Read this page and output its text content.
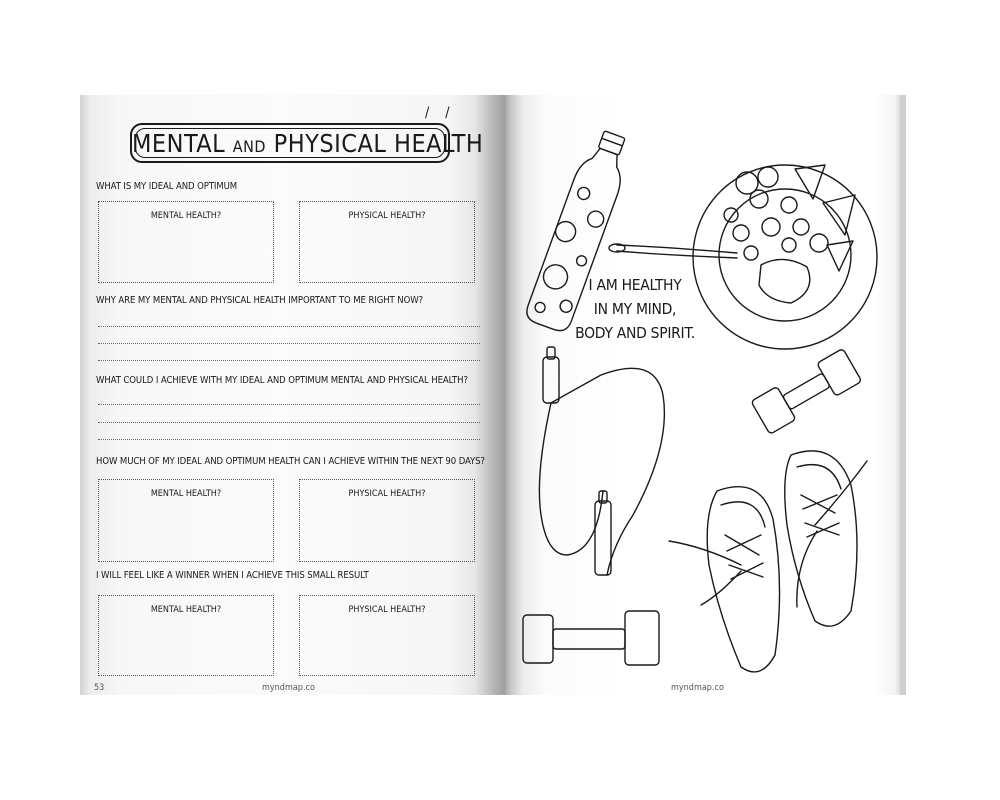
/ /
MENTAL AND PHYSICAL HEALTH
WHAT IS MY IDEAL AND OPTIMUM
MENTAL HEALTH?	PHYSICAL HEALTH?
WHY ARE MY MENTAL AND PHYSICAL HEALTH IMPORTANT TO ME RIGHT NOW?
WHAT COULD I ACHIEVE WITH MY IDEAL AND OPTIMUM MENTAL AND PHYSICAL HEALTH?
HOW MUCH OF MY IDEAL AND OPTIMUM HEALTH CAN I ACHIEVE WITHIN THE NEXT 90 DAYS?
MENTAL HEALTH?	PHYSICAL HEALTH?
I WILL FEEL LIKE A WINNER WHEN I ACHIEVE THIS SMALL RESULT
MENTAL HEALTH?	PHYSICAL HEALTH?
53	myndmap.co
I AM HEALTHY
IN MY MIND,
BODY AND SPIRIT.
myndmap.co
